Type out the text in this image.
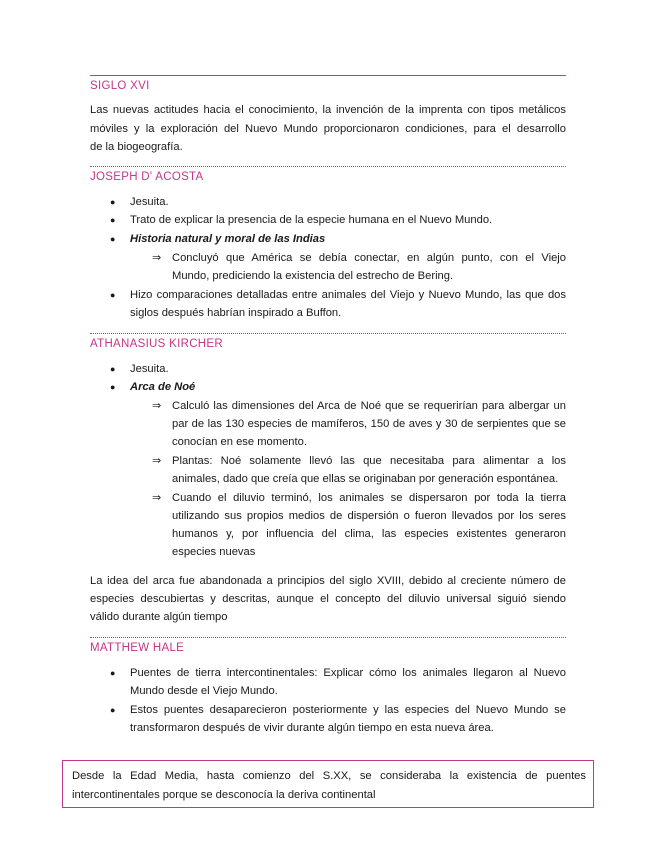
SIGLO XVI
Las nuevas actitudes hacia el conocimiento, la invención de la imprenta con tipos metálicos
móviles y la exploración del Nuevo Mundo proporcionaron condiciones, para el desarrollo
de la biogeografía.
JOSEPH D' ACOSTA
● Jesuita.
● Trato de explicar la presencia de la especie humana en el Nuevo Mundo.
● Historia natural y moral de las Indias
⇒ Concluyó que América se debía conectar, en algún punto, con el Viejo
Mundo, prediciendo la existencia del estrecho de Bering.
● Hizo comparaciones detalladas entre animales del Viejo y Nuevo Mundo, las que dos
siglos después habrían inspirado a Buffon.
ATHANASIUS KIRCHER
● Jesuita.
● Arca de Noé
⇒ Calculó las dimensiones del Arca de Noé que se requerirían para albergar un
par de las 130 especies de mamíferos, 150 de aves y 30 de serpientes que se
conocían en ese momento.
⇒ Plantas: Noé solamente llevó las que necesitaba para alimentar a los
animales, dado que creía que ellas se originaban por generación espontánea.
⇒ Cuando el diluvio terminó, los animales se dispersaron por toda la tierra
utilizando sus propios medios de dispersión o fueron llevados por los seres
humanos y, por influencia del clima, las especies existentes generaron
especies nuevas
La idea del arca fue abandonada a principios del siglo XVIII, debido al creciente número de
especies descubiertas y descritas, aunque el concepto del diluvio universal siguió siendo
válido durante algún tiempo
MATTHEW HALE
● Puentes de tierra intercontinentales: Explicar cómo los animales llegaron al Nuevo
Mundo desde el Viejo Mundo.
● Estos puentes desaparecieron posteriormente y las especies del Nuevo Mundo se
transformaron después de vivir durante algún tiempo en esta nueva área.
Desde la Edad Media, hasta comienzo del S.XX, se consideraba la existencia de puentes
intercontinentales porque se desconocía la deriva continental
